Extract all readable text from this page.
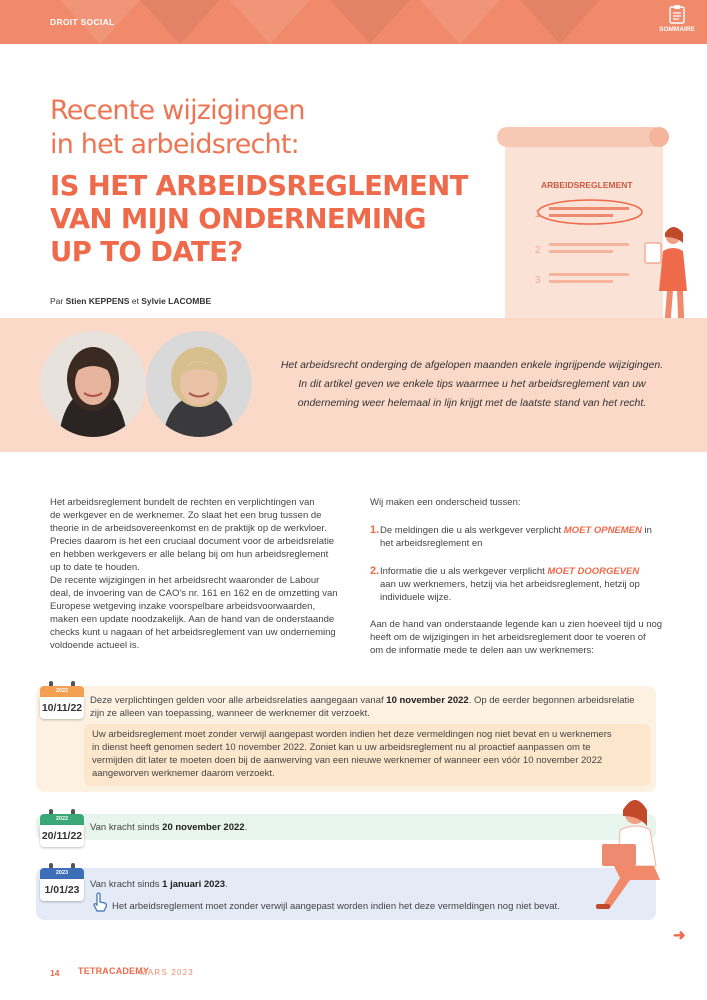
DROIT SOCIAL
SOMMAIRE
Recente wijzigingen
in het arbeidsrecht:
IS HET ARBEIDSREGLEMENT
VAN MIJN ONDERNEMING
UP TO DATE?
Par Stien KEPPENS et Sylvie LACOMBE
ARBEIDSREGLEMENT
1
2
3
Het arbeidsrecht onderging de afgelopen maanden enkele ingrijpende wijzigingen.
In dit artikel geven we enkele tips waarmee u het arbeidsreglement van uw
onderneming weer helemaal in lijn krijgt met de laatste stand van het recht.

Het arbeidsreglement bundelt de rechten en verplichtingen van

de werkgever en de werknemer. Zo slaat het een brug tussen de

theorie in de arbeidsovereenkomst en de praktijk op de werkvloer.

Precies daarom is het een cruciaal document voor de arbeidsrelatie

en hebben werkgevers er alle belang bij om hun arbeidsreglement

up to date te houden.

De recente wijzigingen in het arbeidsrecht waaronder de Labour

deal, de invoering van de CAO's nr. 161 en 162 en de omzetting van

Europese wetgeving inzake voorspelbare arbeidsvoorwaarden,

maken een update noodzakelijk. Aan de hand van de onderstaande

checks kunt u nagaan of het arbeidsreglement van uw onderneming

voldoende actueel is.

Wij maken een onderscheid tussen:

1. De meldingen die u als werkgever verplicht MOET OPNEMEN in

het arbeidsreglement en

2. Informatie die u als werkgever verplicht MOET DOORGEVEN

aan uw werknemers, hetzij via het arbeidsreglement, hetzij op

individuele wijze.

Aan de hand van onderstaande legende kan u zien hoeveel tijd u nog

heeft om de wijzigingen in het arbeidsreglement door te voeren of

om de informatie mede te delen aan uw werknemers:

Deze verplichtingen gelden voor alle arbeidsrelaties aangegaan vanaf 10 november 2022. Op de eerder begonnen arbeidsrelatie

zijn ze alleen van toepassing, wanneer de werknemer dit verzoekt.

Uw arbeidsreglement moet zonder verwijl aangepast worden indien het deze vermeldingen nog niet bevat en u werknemers

in dienst heeft genomen sedert 10 november 2022. Zoniet kan u uw arbeidsreglement nu al proactief aanpassen om te

vermijden dit later te moeten doen bij de aanwerving van een nieuwe werknemer of wanneer een vóór 10 november 2022

aangeworven werknemer daarom verzoekt.

2022
10/11/22

Van kracht sinds 20 november 2022.

2022
20/11/22

Van kracht sinds 1 januari 2023.

Het arbeidsreglement moet zonder verwijl aangepast worden indien het deze vermeldingen nog niet bevat.

2023
1/01/23
14 TETRACADEMY
MARS 2023
➜
